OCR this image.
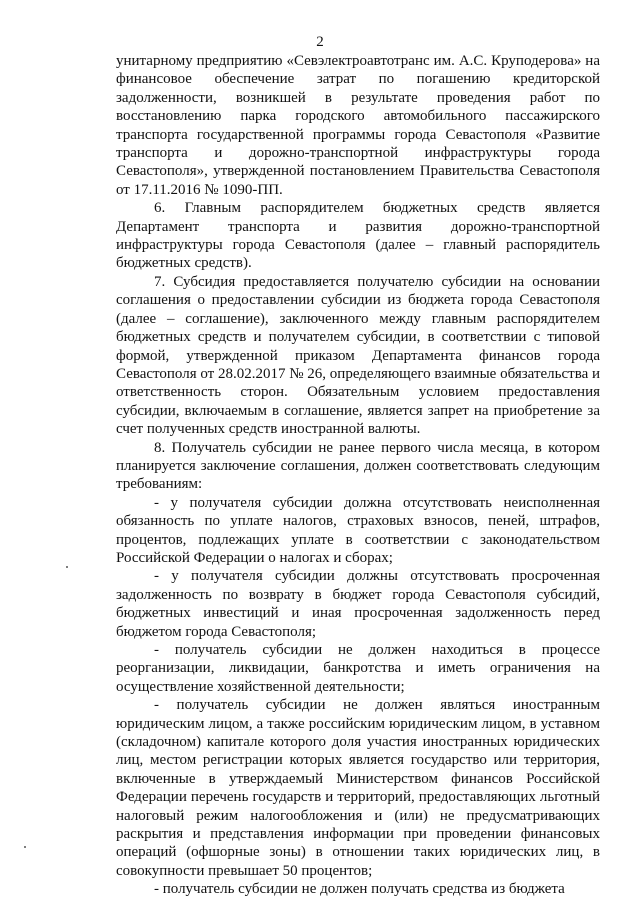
2

унитарному предприятию «Севэлектроавтотранс им. А.С. Круподерова» на финансовое обеспечение затрат по погашению кредиторской задолженности, возникшей в результате проведения работ по восстановлению парка городского автомобильного пассажирского транспорта государственной программы города Севастополя «Развитие транспорта и дорожно-транспортной инфраструктуры города Севастополя», утвержденной постановлением Правительства Севастополя от 17.11.2016 № 1090-ПП.

6. Главным распорядителем бюджетных средств является Департамент транспорта и развития дорожно-транспортной инфраструктуры города Севастополя (далее – главный распорядитель бюджетных средств).

7. Субсидия предоставляется получателю субсидии на основании соглашения о предоставлении субсидии из бюджета города Севастополя (далее – соглашение), заключенного между главным распорядителем бюджетных средств и получателем субсидии, в соответствии с типовой формой, утвержденной приказом Департамента финансов города Севастополя от 28.02.2017 № 26, определяющего взаимные обязательства и ответственность сторон. Обязательным условием предоставления субсидии, включаемым в соглашение, является запрет на приобретение за счет полученных средств иностранной валюты.

8. Получатель субсидии не ранее первого числа месяца, в котором планируется заключение соглашения, должен соответствовать следующим требованиям:

- у получателя субсидии должна отсутствовать неисполненная обязанность по уплате налогов, страховых взносов, пеней, штрафов, процентов, подлежащих уплате в соответствии с законодательством Российской Федерации о налогах и сборах;

- у получателя субсидии должны отсутствовать просроченная задолженность по возврату в бюджет города Севастополя субсидий, бюджетных инвестиций и иная просроченная задолженность перед бюджетом города Севастополя;

- получатель субсидии не должен находиться в процессе реорганизации, ликвидации, банкротства и иметь ограничения на осуществление хозяйственной деятельности;

- получатель субсидии не должен являться иностранным юридическим лицом, а также российским юридическим лицом, в уставном (складочном) капитале которого доля участия иностранных юридических лиц, местом регистрации которых является государство или территория, включенные в утверждаемый Министерством финансов Российской Федерации перечень государств и территорий, предоставляющих льготный налоговый режим налогообложения и (или) не предусматривающих раскрытия и представления информации при проведении финансовых операций (офшорные зоны) в отношении таких юридических лиц, в совокупности превышает 50 процентов;

- получатель субсидии не должен получать средства из бюджета
